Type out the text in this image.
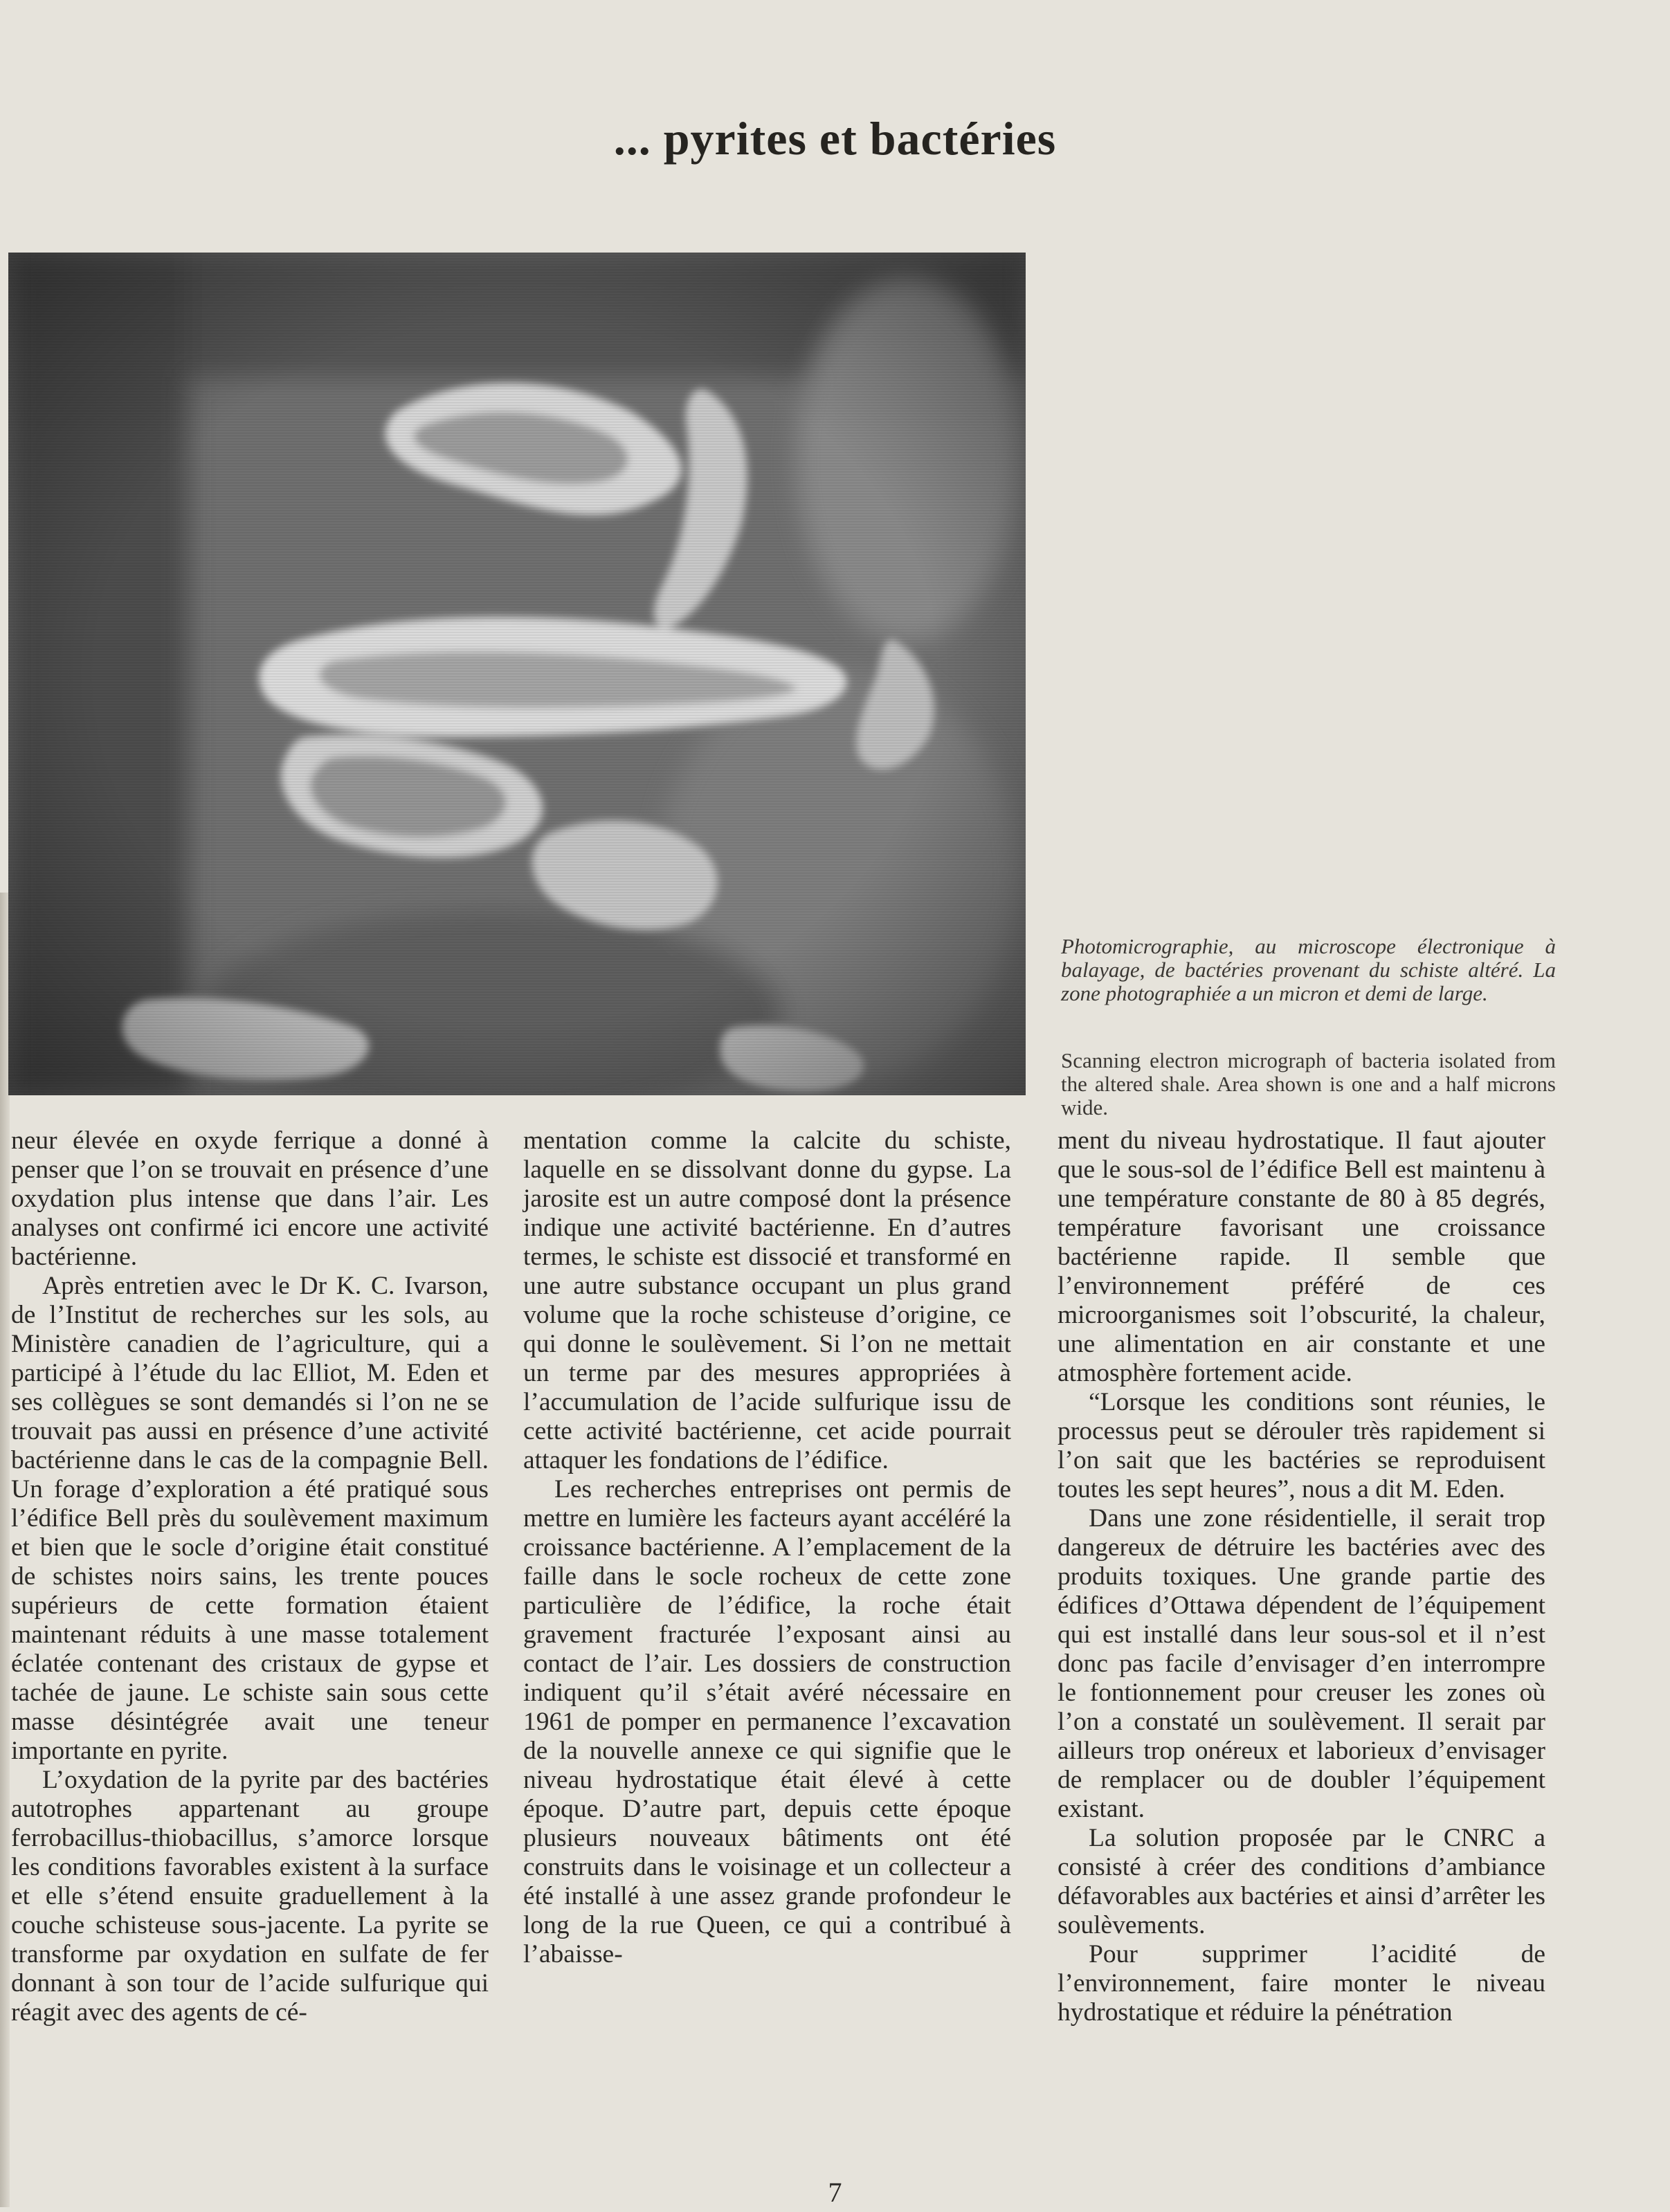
... pyrites et bactéries

Photomicrographie, au microscope électronique à balayage, de bactéries provenant du schiste altéré. La zone photographiée a un micron et demi de large.

Scanning electron micrograph of bacteria isolated from the altered shale. Area shown is one and a half microns wide.

neur élevée en oxyde ferrique a donné à penser que l’on se trouvait en présence d’une oxydation plus intense que dans l’air. Les analyses ont confirmé ici encore une activité bactérienne.

Après entretien avec le Dr K. C. Ivarson, de l’Institut de recherches sur les sols, au Ministère canadien de l’agriculture, qui a participé à l’étude du lac Elliot, M. Eden et ses collègues se sont demandés si l’on ne se trouvait pas aussi en présence d’une activité bactérienne dans le cas de la compagnie Bell. Un forage d’exploration a été pratiqué sous l’édifice Bell près du soulèvement maximum et bien que le socle d’origine était constitué de schistes noirs sains, les trente pouces supérieurs de cette formation étaient maintenant réduits à une masse totalement éclatée contenant des cristaux de gypse et tachée de jaune. Le schiste sain sous cette masse désintégrée avait une teneur importante en pyrite.

L’oxydation de la pyrite par des bactéries autotrophes appartenant au groupe ferrobacillus-thiobacillus, s’amorce lorsque les conditions favorables existent à la surface et elle s’étend ensuite graduellement à la couche schisteuse sous-jacente. La pyrite se transforme par oxydation en sulfate de fer donnant à son tour de l’acide sulfurique qui réagit avec des agents de cé-

mentation comme la calcite du schiste, laquelle en se dissolvant donne du gypse. La jarosite est un autre composé dont la présence indique une activité bactérienne. En d’autres termes, le schiste est dissocié et transformé en une autre substance occupant un plus grand volume que la roche schisteuse d’origine, ce qui donne le soulèvement. Si l’on ne mettait un terme par des mesures appropriées à l’accumulation de l’acide sulfurique issu de cette activité bactérienne, cet acide pourrait attaquer les fondations de l’édifice.

Les recherches entreprises ont permis de mettre en lumière les facteurs ayant accéléré la croissance bactérienne. A l’emplacement de la faille dans le socle rocheux de cette zone particulière de l’édifice, la roche était gravement fracturée l’exposant ainsi au contact de l’air. Les dossiers de construction indiquent qu’il s’était avéré nécessaire en 1961 de pomper en permanence l’excavation de la nouvelle annexe ce qui signifie que le niveau hydrostatique était élevé à cette époque. D’autre part, depuis cette époque plusieurs nouveaux bâtiments ont été construits dans le voisinage et un collecteur a été installé à une assez grande profondeur le long de la rue Queen, ce qui a contribué à l’abaisse-

ment du niveau hydrostatique. Il faut ajouter que le sous-sol de l’édifice Bell est maintenu à une température constante de 80 à 85 degrés, température favorisant une croissance bactérienne rapide. Il semble que l’environnement préféré de ces microorganismes soit l’obscurité, la chaleur, une alimentation en air constante et une atmosphère fortement acide.

“Lorsque les conditions sont réunies, le processus peut se dérouler très rapidement si l’on sait que les bactéries se reproduisent toutes les sept heures”, nous a dit M. Eden.

Dans une zone résidentielle, il serait trop dangereux de détruire les bactéries avec des produits toxiques. Une grande partie des édifices d’Ottawa dépendent de l’équipement qui est installé dans leur sous-sol et il n’est donc pas facile d’envisager d’en interrompre le fontionnement pour creuser les zones où l’on a constaté un soulèvement. Il serait par ailleurs trop onéreux et laborieux d’envisager de remplacer ou de doubler l’équipement existant.

La solution proposée par le CNRC a consisté à créer des conditions d’ambiance défavorables aux bactéries et ainsi d’arrêter les soulèvements.

Pour supprimer l’acidité de l’environnement, faire monter le niveau hydrostatique et réduire la pénétration

7
